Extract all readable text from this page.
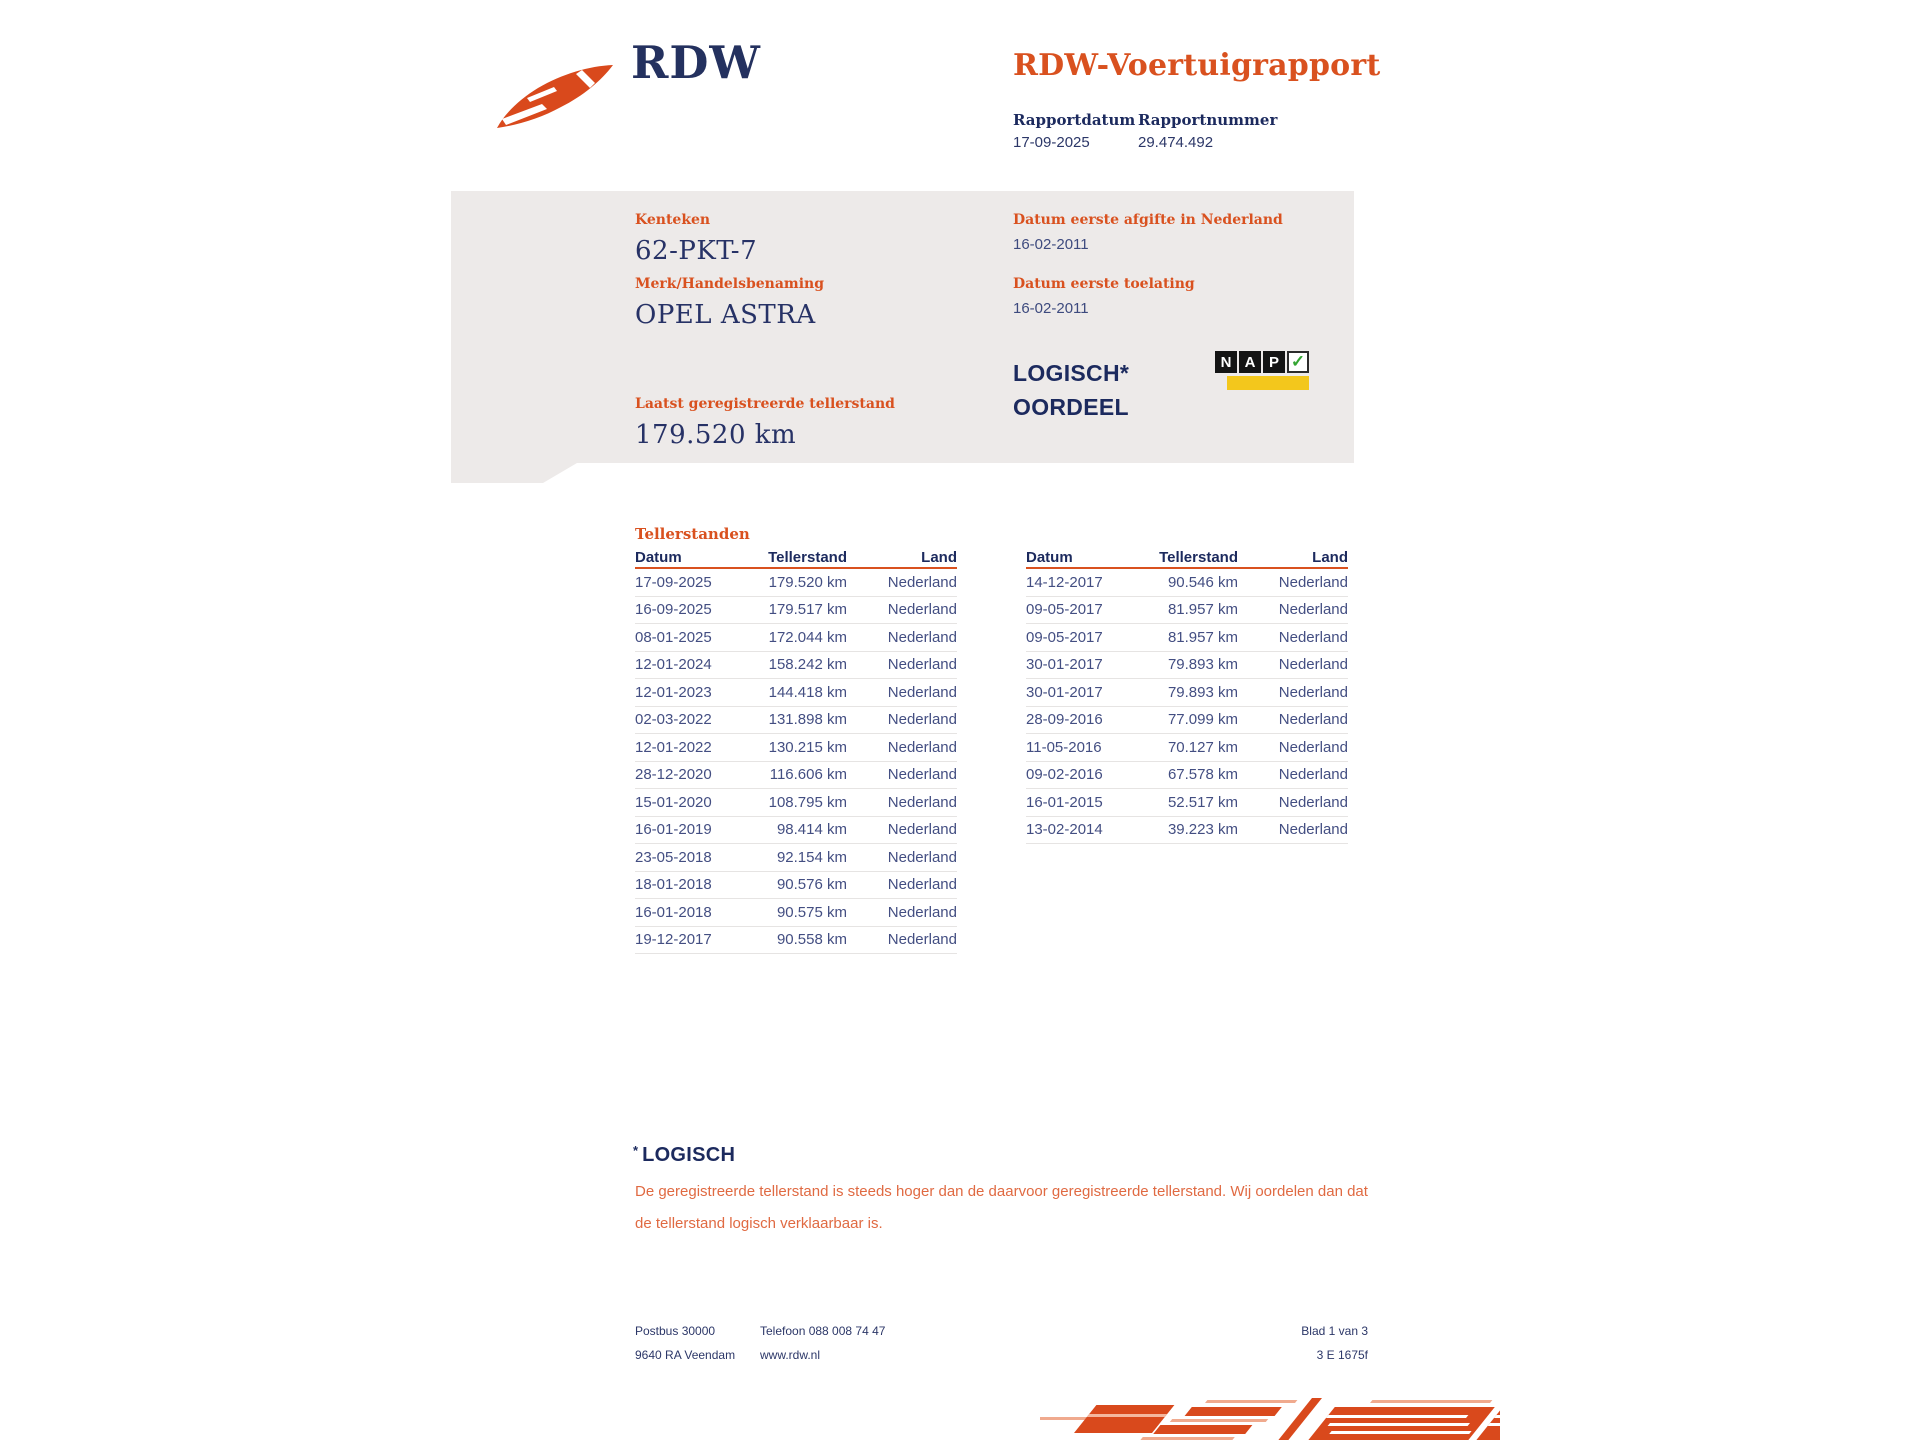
RDW	RDW-Voertuigrapport
Rapportdatum Rapportnummer
17-09-2025	29.474.492
Kenteken
62-PKT-7
Merk/Handelsbenaming
OPEL ASTRA
Laatst geregistreerde tellerstand
179.520 km
Datum eerste afgifte in Nederland
16-02-2011
Datum eerste toelating
16-02-2011
LOGISCH*
OORDEEL
N A P ✓
Tellerstanden
Datum	Tellerstand	Land
17-09-2025	179.520 km	Nederland
16-09-2025	179.517 km	Nederland
08-01-2025	172.044 km	Nederland
12-01-2024	158.242 km	Nederland
12-01-2023	144.418 km	Nederland
02-03-2022	131.898 km	Nederland
12-01-2022	130.215 km	Nederland
28-12-2020	116.606 km	Nederland
15-01-2020	108.795 km	Nederland
16-01-2019	98.414 km	Nederland
23-05-2018	92.154 km	Nederland
18-01-2018	90.576 km	Nederland
16-01-2018	90.575 km	Nederland
19-12-2017	90.558 km	Nederland
Datum	Tellerstand	Land
14-12-2017	90.546 km	Nederland
09-05-2017	81.957 km	Nederland
09-05-2017	81.957 km	Nederland
30-01-2017	79.893 km	Nederland
30-01-2017	79.893 km	Nederland
28-09-2016	77.099 km	Nederland
11-05-2016	70.127 km	Nederland
09-02-2016	67.578 km	Nederland
16-01-2015	52.517 km	Nederland
13-02-2014	39.223 km	Nederland
* LOGISCH
De geregistreerde tellerstand is steeds hoger dan de daarvoor geregistreerde tellerstand. Wij oordelen dan dat de tellerstand logisch verklaarbaar is.
Postbus 30000	Telefoon 088 008 74 47	Blad 1 van 3
9640 RA Veendam www.rdw.nl	3 E 1675f
